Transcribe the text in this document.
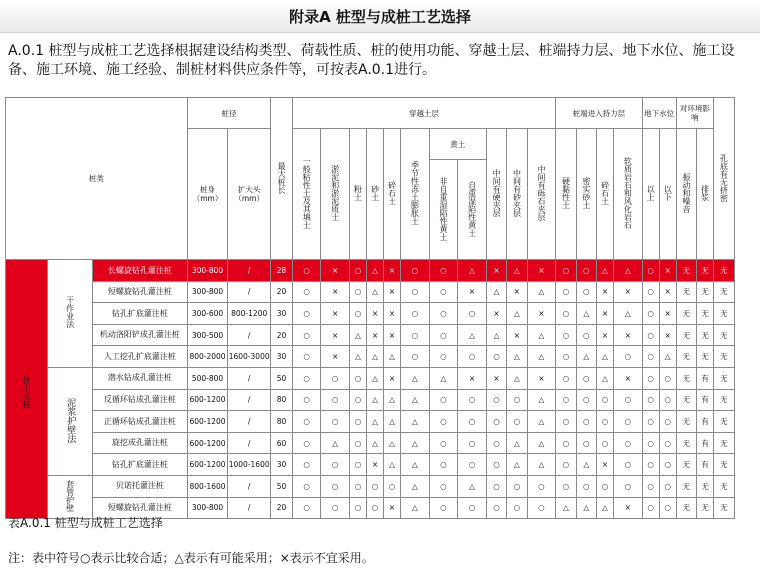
附录A 桩型与成桩工艺选择
A.0.1 桩型与成桩工艺选择根据建设结构类型、荷载性质、桩的使用功能、穿越土层、桩端持力层、地下水位、施工设备、施工环境、施工经验、制桩材料供应条件等，可按表A.0.1进行。
桩类			桩径		最大桩长	穿越土层											桩端进入持力层				地下水位		对环境影响		孔底有无挤密
			桩身（mm）	扩大头（mm）		一般粘性土及其填土	淤泥和淤泥质土	粉土	砂土	碎石土	季节性冻土膨胀土	黄土		中间有硬夹层	中间有砂夹层	中间有砾石夹层	硬黏性土	密实砂土	碎石土	软质岩石和风化岩石	以上	以下	振动和噪音	排浆	
												非自重湿陷性黄土	自重湿陷性黄土												
非挤土成桩	干作业法	长螺旋钻孔灌注桩	300-800	/	28	○	×	○	△	×	○	○	△	×	△	×	○	○	△	△	○	×	无	无	无
		短螺旋钻孔灌注桩	300-800	/	20	○	×	○	△	×	○	○	×	△	×	△	○	○	×	×	○	×	无	无	无
		钻孔扩底灌注桩	300-600	800-1200	30	○	×	○	×	×	○	○	○	×	△	×	○	△	×	△	○	×	无	无	无
		机动洛阳铲成孔灌注桩	300-500	/	20	○	×	△	×	×	○	○	△	△	×	△	○	○	×	×	○	×	无	无	无
		人工挖孔扩底灌注桩	800-2000	1600-3000	30	○	×	△	△	△	○	○	○	○	△	△	○	△	△	○	○	△	无	无	无
	泥浆护壁法	潜水钻成孔灌注桩	500-800	/	50	○	○	○	△	×	△	△	×	×	△	×	○	○	△	×	○	○	无	有	无
		反循环钻成孔灌注桩	600-1200	/	80	○	○	○	△	△	△	○	○	○	○	△	○	○	○	○	○	○	无	有	无
		正循环钻成孔灌注桩	600-1200	/	80	○	○	○	△	△	△	○	○	○	○	△	○	○	○	○	○	○	无	有	无
		旋挖成孔灌注桩	600-1200	/	60	○	△	○	△	△	△	○	○	○	△	△	○	○	○	○	○	○	无	有	无
		钻孔扩底灌注桩	600-1200	1000-1600	30	○	○	○	×	△	△	○	○	○	△	△	○	△	×	○	○	○	无	有	无
	套管护壁	贝诺托灌注桩	800-1600	/	50	○	○	○	○	○	△	○	△	○	○	○	○	○	○	○	○	○	无	无	无
		短螺旋钻孔灌注桩	300-800	/	20	○	○	○	○	×	△	○	○	○	○	○	△	△	△	×	○	○	无	无	无
表A.0.1 桩型与成桩工艺选择
注：表中符号○表示比较合适；△表示有可能采用；×表示不宜采用。
